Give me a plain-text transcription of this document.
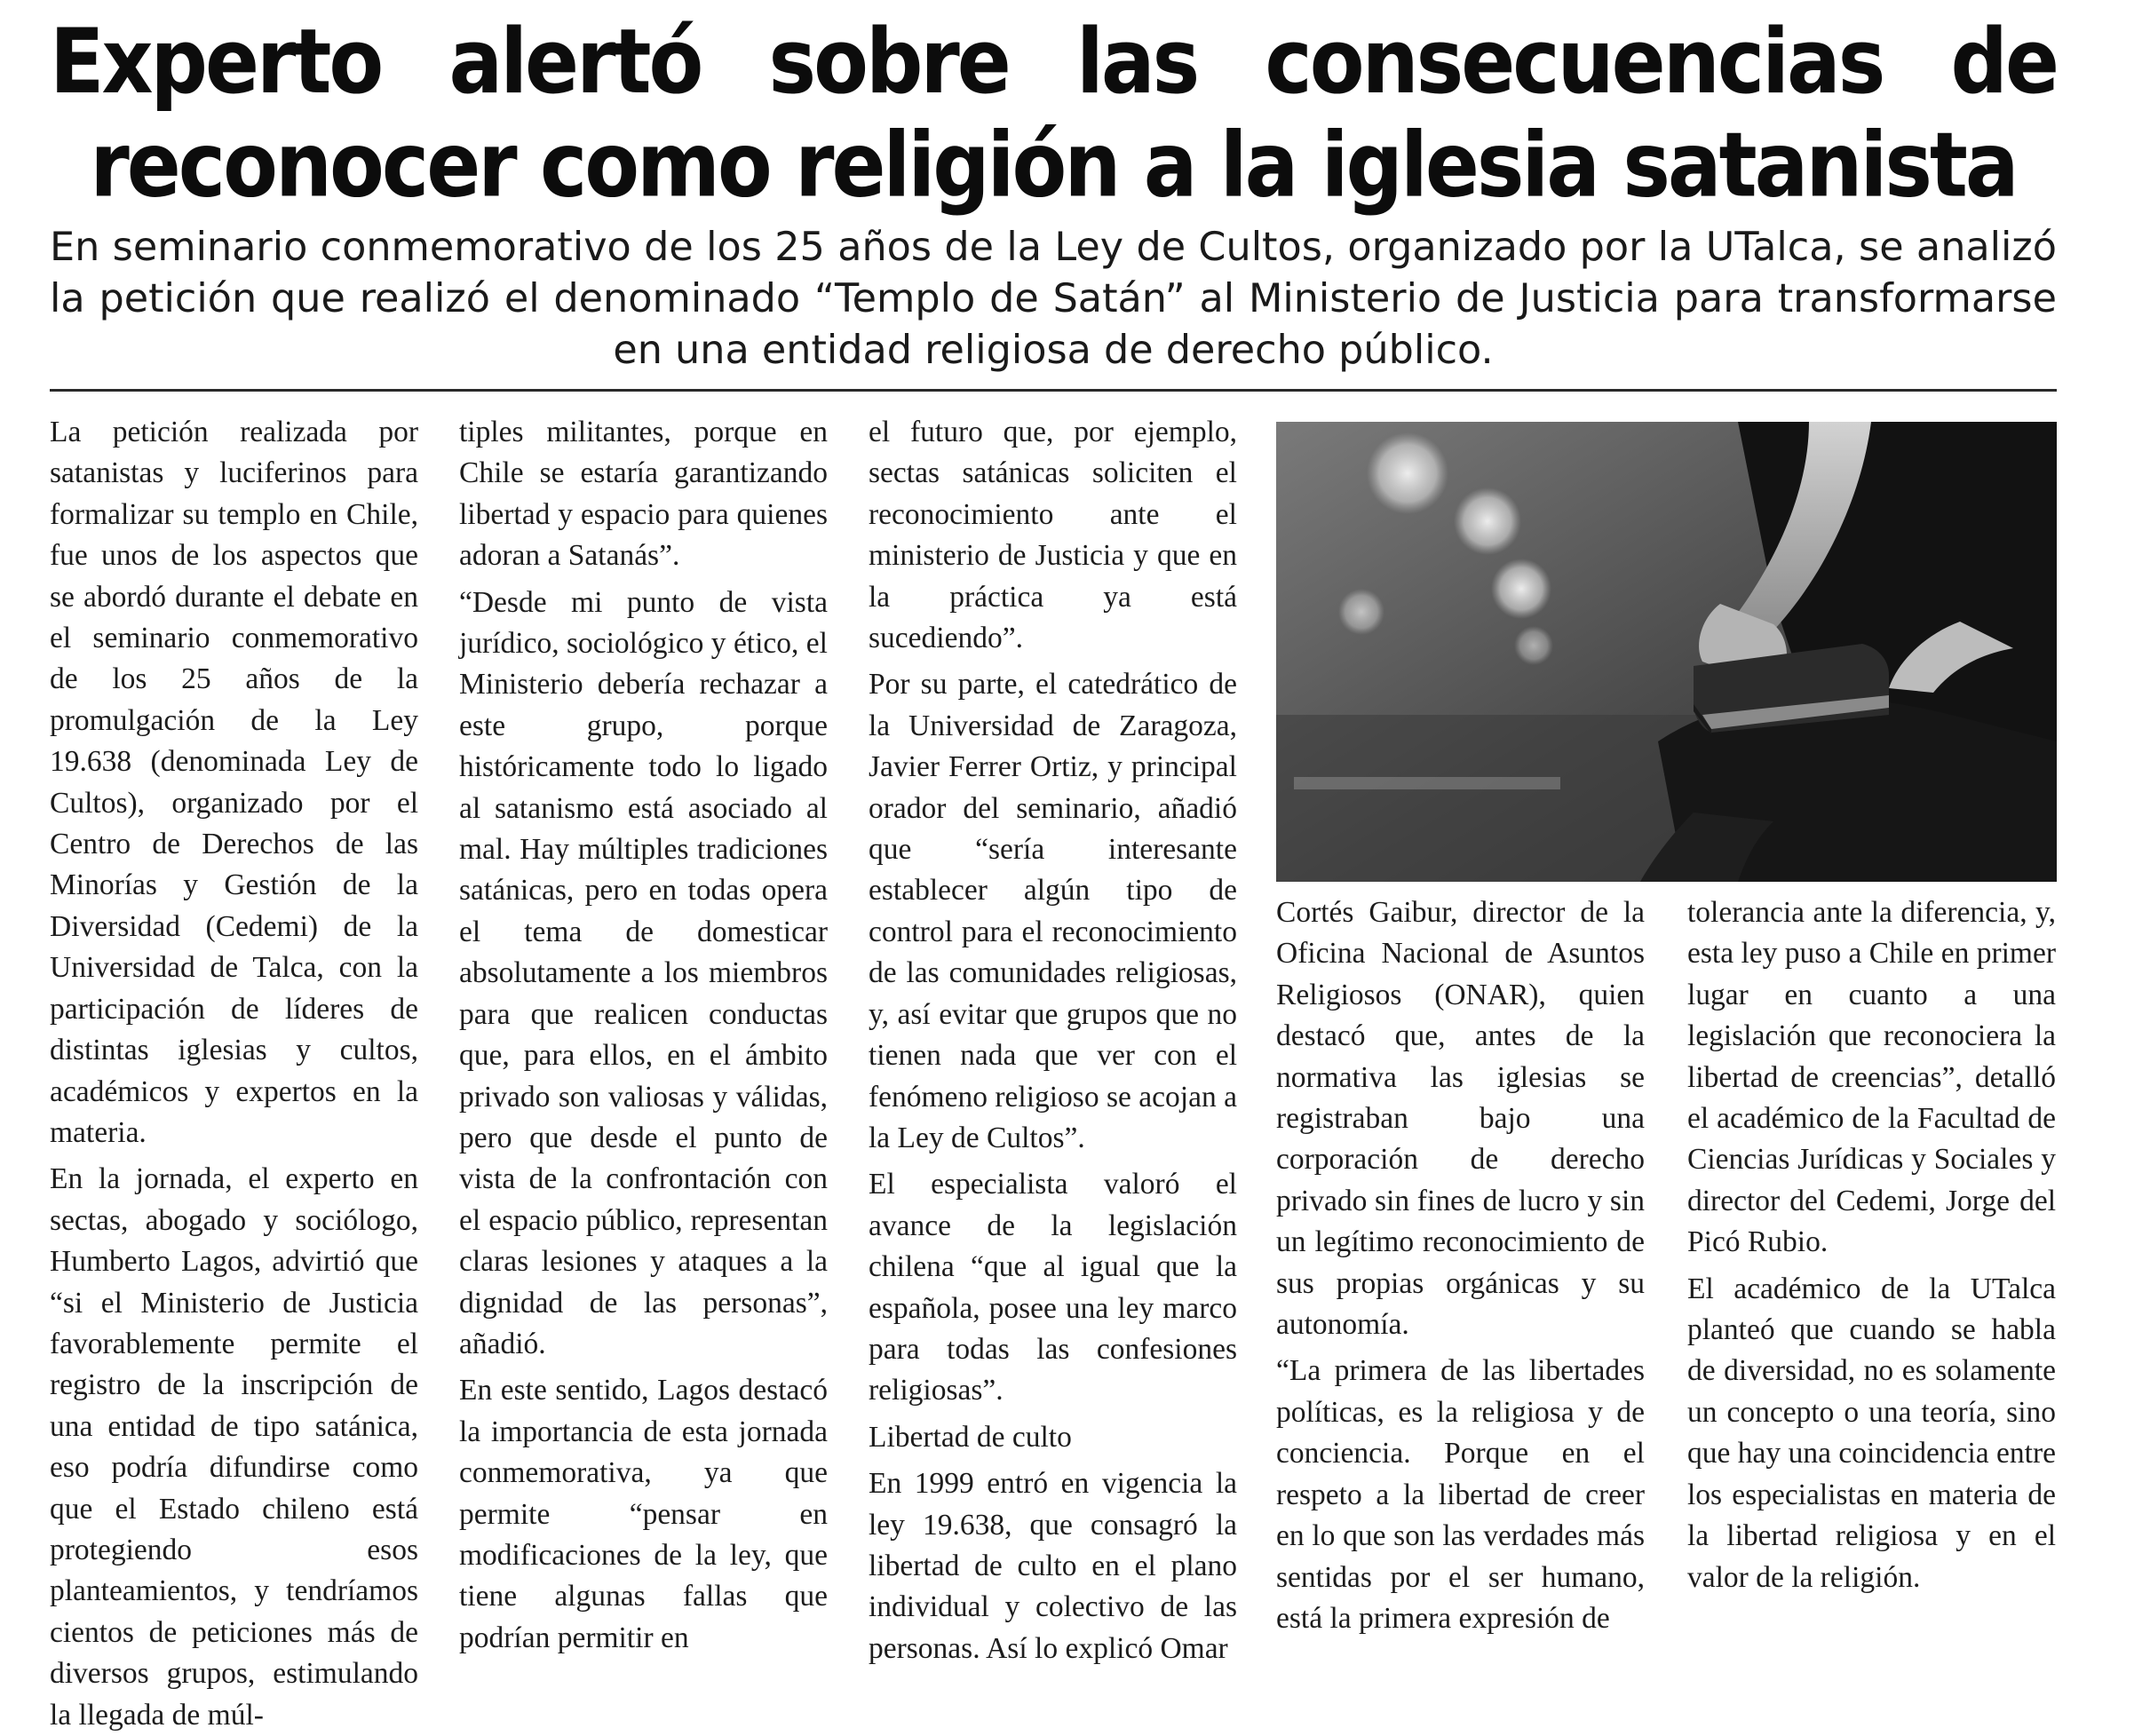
Experto alertó sobre las consecuencias de reconocer como religión a la iglesia satanista

En seminario conmemorativo de los 25 años de la Ley de Cultos, organizado por la UTalca, se analizó la petición que realizó el denominado “Templo de Satán” al Ministerio de Justicia para transformarse en una entidad religiosa de derecho público.

La petición realizada por satanistas y luciferinos para formalizar su templo en Chile, fue unos de los aspectos que se abordó durante el debate en el seminario conmemorativo de los 25 años de la promulgación de la Ley 19.638 (denominada Ley de Cultos), organizado por el Centro de Derechos de las Minorías y Gestión de la Diversidad (Cedemi) de la Universidad de Talca, con la participación de líderes de distintas iglesias y cultos, académicos y expertos en la materia.

En la jornada, el experto en sectas, abogado y sociólogo, Humberto Lagos, advirtió que “si el Ministerio de Justicia favorablemente permite el registro de la inscripción de una entidad de tipo satánica, eso podría difundirse como que el Estado chileno está protegiendo esos planteamientos, y tendríamos cientos de peticiones más de diversos grupos, estimulando la llegada de múl-

tiples militantes, porque en Chile se estaría garantizando libertad y espacio para quienes adoran a Satanás”.

“Desde mi punto de vista jurídico, sociológico y ético, el Ministerio debería rechazar a este grupo, porque históricamente todo lo ligado al satanismo está asociado al mal. Hay múltiples tradiciones satánicas, pero en todas opera el tema de domesticar absolutamente a los miembros para que realicen conductas que, para ellos, en el ámbito privado son valiosas y válidas, pero que desde el punto de vista de la confrontación con el espacio público, representan claras lesiones y ataques a la dignidad de las personas”, añadió.

En este sentido, Lagos destacó la importancia de esta jornada conmemorativa, ya que permite “pensar en modificaciones de la ley, que tiene algunas fallas que podrían permitir en

el futuro que, por ejemplo, sectas satánicas soliciten el reconocimiento ante el ministerio de Justicia y que en la práctica ya está sucediendo”.

Por su parte, el catedrático de la Universidad de Zaragoza, Javier Ferrer Ortiz, y principal orador del seminario, añadió que “sería interesante establecer algún tipo de control para el reconocimiento de las comunidades religiosas, y, así evitar que grupos que no tienen nada que ver con el fenómeno religioso se acojan a la Ley de Cultos”.

El especialista valoró el avance de la legislación chilena “que al igual que la española, posee una ley marco para todas las confesiones religiosas”.

Libertad de culto

En 1999 entró en vigencia la ley 19.638, que consagró la libertad de culto en el plano individual y colectivo de las personas. Así lo explicó Omar

Cortés Gaibur, director de la Oficina Nacional de Asuntos Religiosos (ONAR), quien destacó que, antes de la normativa las iglesias se registraban bajo una corporación de derecho privado sin fines de lucro y sin un legítimo reconocimiento de sus propias orgánicas y su autonomía.

“La primera de las libertades políticas, es la religiosa y de conciencia. Porque en el respeto a la libertad de creer en lo que son las verdades más sentidas por el ser humano, está la primera expresión de

tolerancia ante la diferencia, y, esta ley puso a Chile en primer lugar en cuanto a una legislación que reconociera la libertad de creencias”, detalló el académico de la Facultad de Ciencias Jurídicas y Sociales y director del Cedemi, Jorge del Picó Rubio.

El académico de la UTalca planteó que cuando se habla de diversidad, no es solamente un concepto o una teoría, sino que hay una coincidencia entre los especialistas en materia de la libertad religiosa y en el valor de la religión.
